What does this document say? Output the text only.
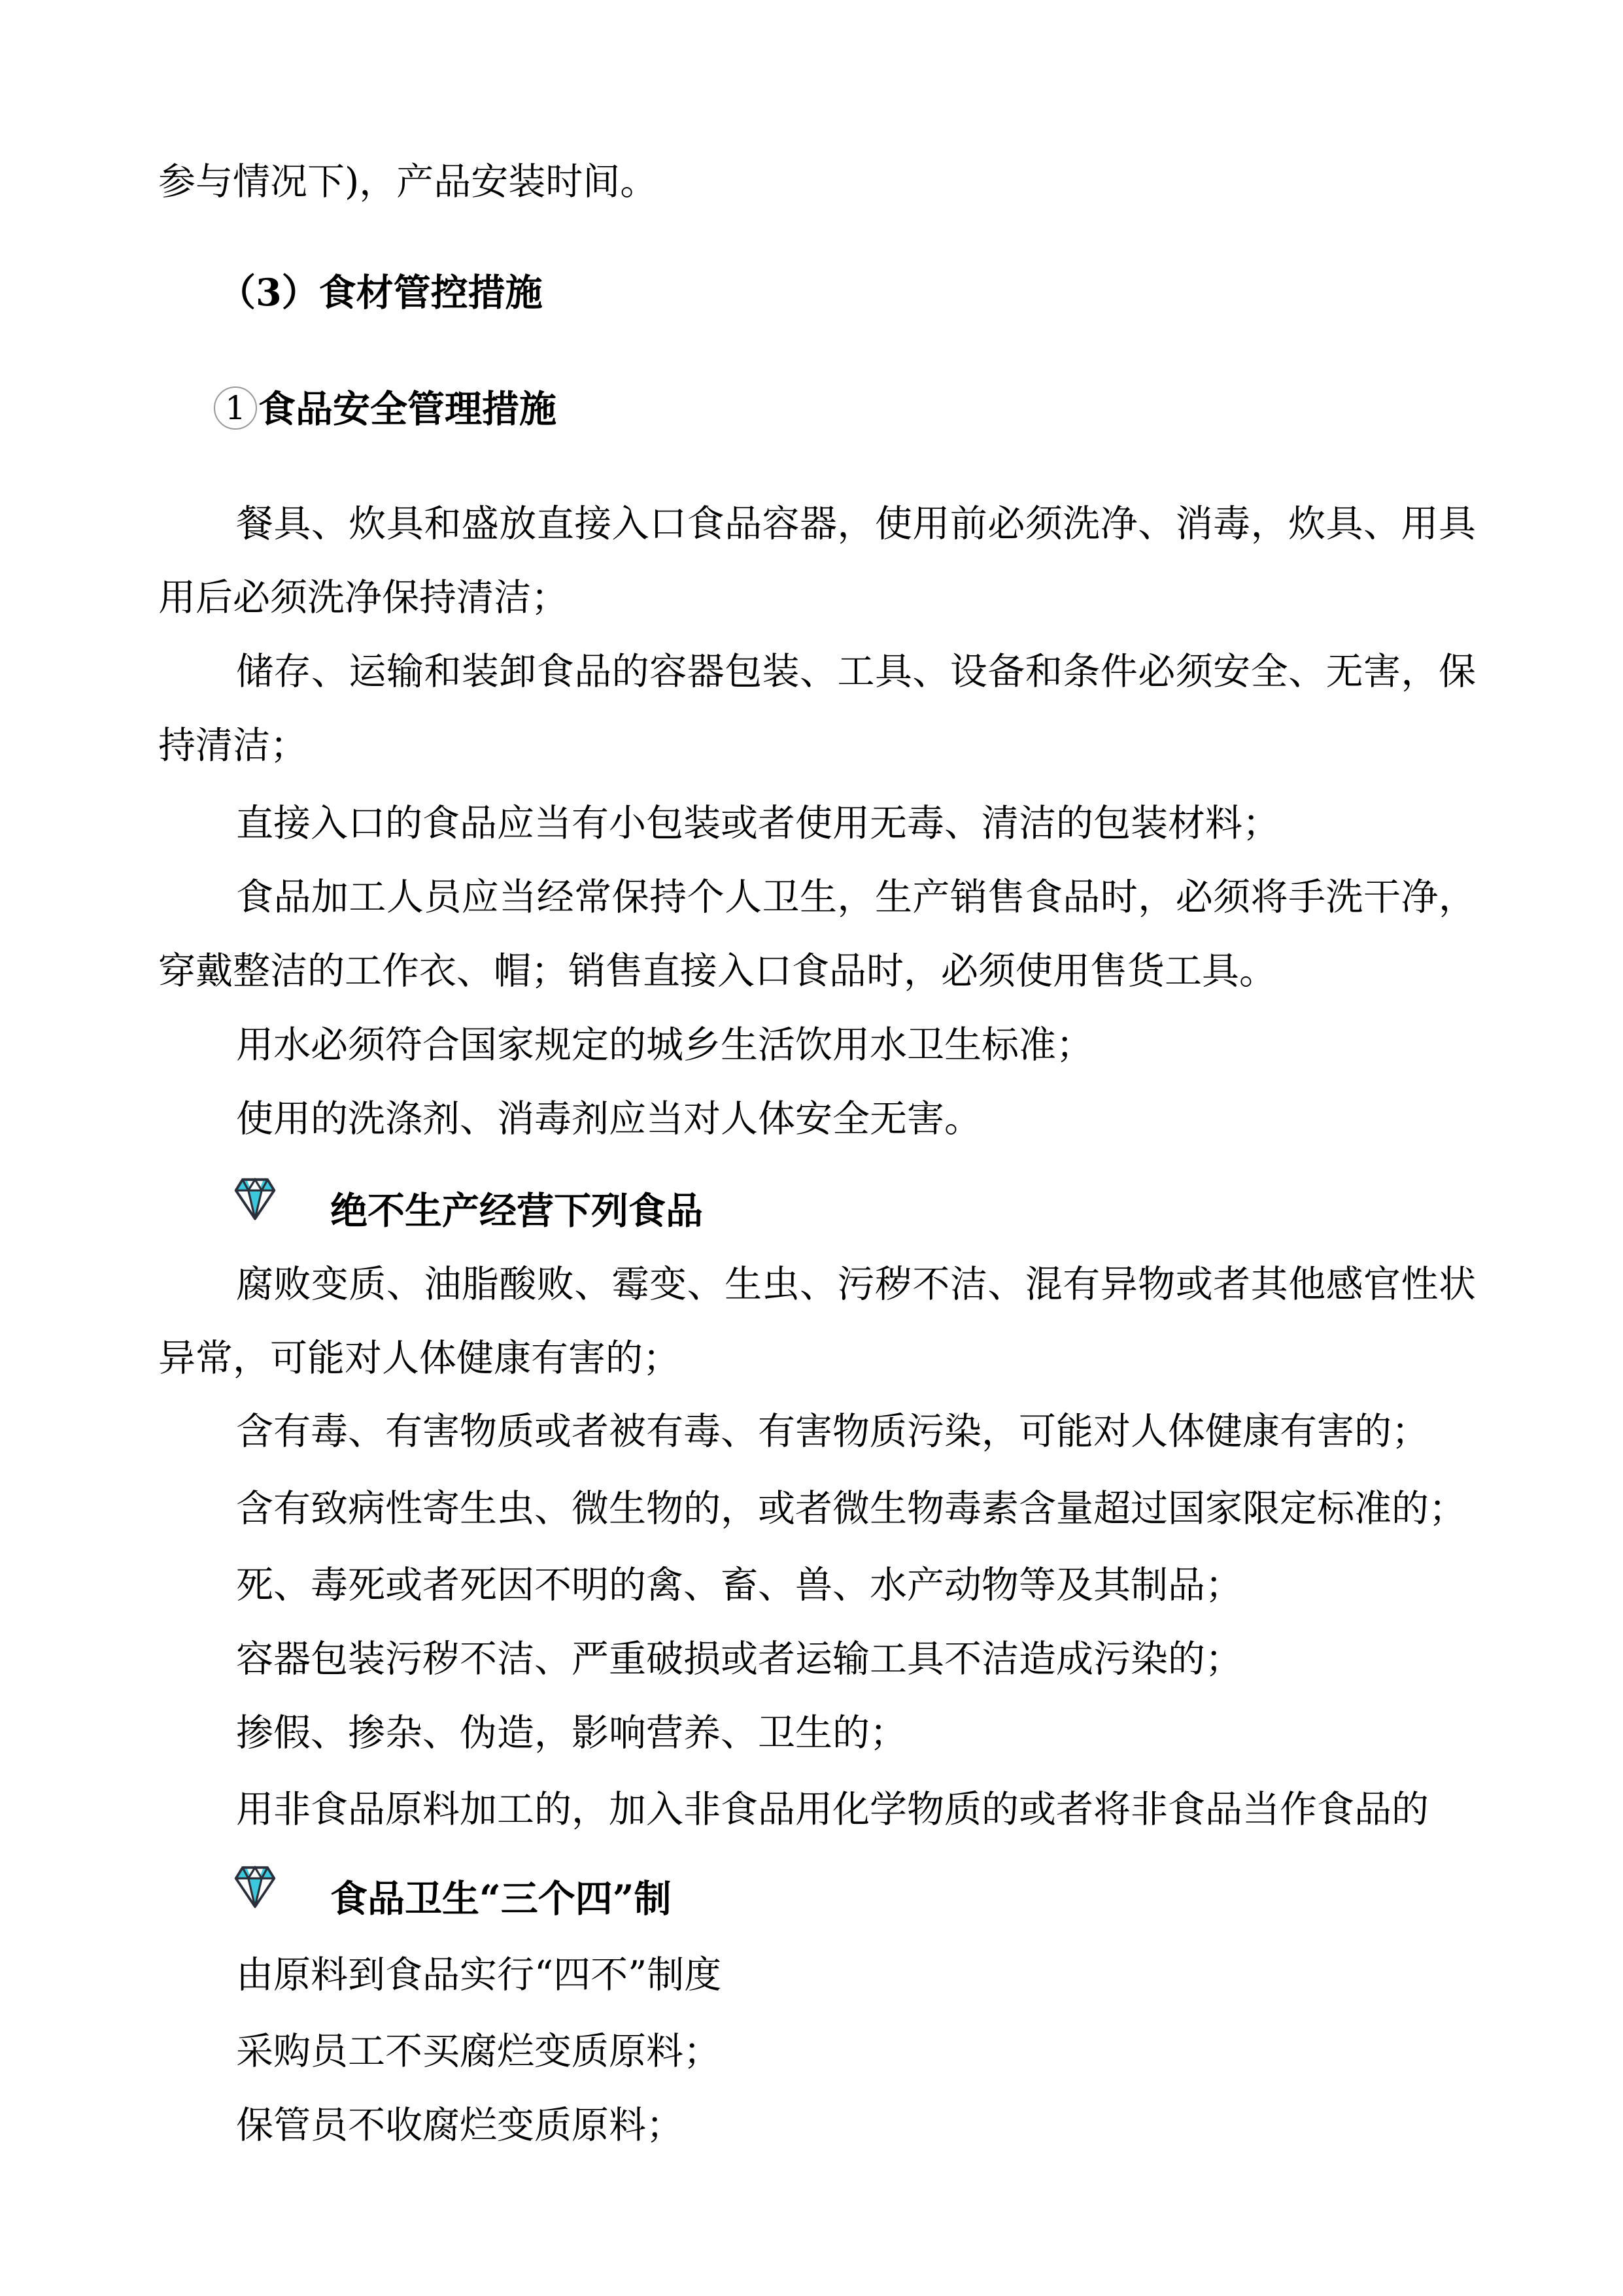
参与情况下)，产品安装时间。
（3）食材管控措施
1 食品安全管理措施
餐具、炊具和盛放直接入口食品容器，使用前必须洗净、消毒，炊具、用具用后必须洗净保持清洁；
储存、运输和装卸食品的容器包装、工具、设备和条件必须安全、无害，保持清洁；
直接入口的食品应当有小包装或者使用无毒、清洁的包装材料；
食品加工人员应当经常保持个人卫生，生产销售食品时，必须将手洗干净，穿戴整洁的工作衣、帽；销售直接入口食品时，必须使用售货工具。
用水必须符合国家规定的城乡生活饮用水卫生标准；
使用的洗涤剂、消毒剂应当对人体安全无害。
绝不生产经营下列食品
腐败变质、油脂酸败、霉变、生虫、污秽不洁、混有异物或者其他感官性状异常，可能对人体健康有害的；
含有毒、有害物质或者被有毒、有害物质污染，可能对人体健康有害的；
含有致病性寄生虫、微生物的，或者微生物毒素含量超过国家限定标准的；
死、毒死或者死因不明的禽、畜、兽、水产动物等及其制品；
容器包装污秽不洁、严重破损或者运输工具不洁造成污染的；
掺假、掺杂、伪造，影响营养、卫生的；
用非食品原料加工的，加入非食品用化学物质的或者将非食品当作食品的
食品卫生“三个四”制
由原料到食品实行“四不”制度
采购员工不买腐烂变质原料；
保管员不收腐烂变质原料；
